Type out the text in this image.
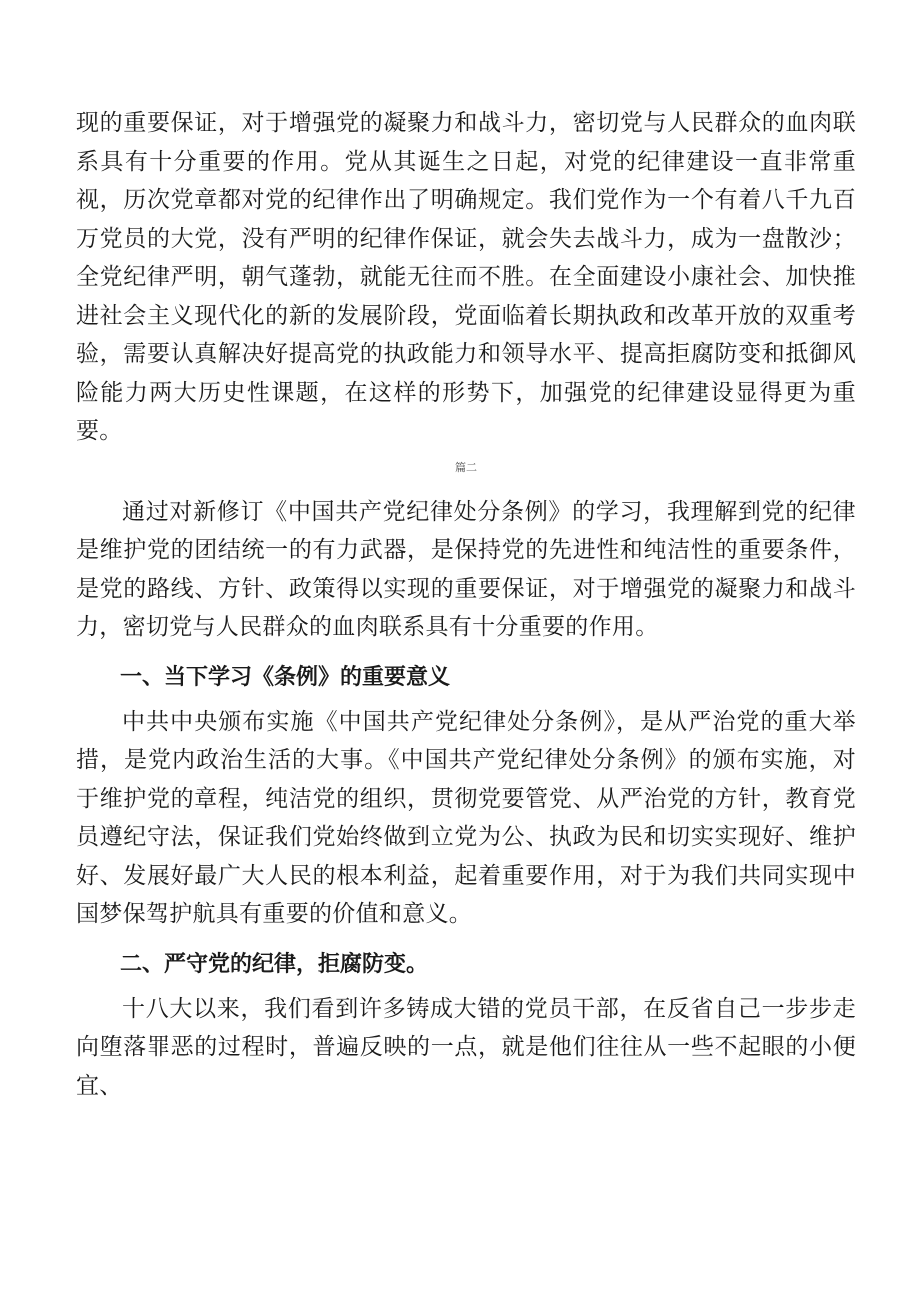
现的重要保证，对于增强党的凝聚力和战斗力，密切党与人民群众的血肉联系具有十分重要的作用。党从其诞生之日起，对党的纪律建设一直非常重视，历次党章都对党的纪律作出了明确规定。我们党作为一个有着八千九百万党员的大党，没有严明的纪律作保证，就会失去战斗力，成为一盘散沙；全党纪律严明，朝气蓬勃，就能无往而不胜。在全面建设小康社会、加快推进社会主义现代化的新的发展阶段，党面临着长期执政和改革开放的双重考验，需要认真解决好提高党的执政能力和领导水平、提高拒腐防变和抵御风险能力两大历史性课题，在这样的形势下，加强党的纪律建设显得更为重要。

篇二

通过对新修订《中国共产党纪律处分条例》的学习，我理解到党的纪律是维护党的团结统一的有力武器，是保持党的先进性和纯洁性的重要条件，是党的路线、方针、政策得以实现的重要保证，对于增强党的凝聚力和战斗力，密切党与人民群众的血肉联系具有十分重要的作用。

一、当下学习《条例》的重要意义

中共中央颁布实施《中国共产党纪律处分条例》，是从严治党的重大举措，是党内政治生活的大事。《中国共产党纪律处分条例》的颁布实施，对于维护党的章程，纯洁党的组织，贯彻党要管党、从严治党的方针，教育党员遵纪守法，保证我们党始终做到立党为公、执政为民和切实实现好、维护好、发展好最广大人民的根本利益，起着重要作用，对于为我们共同实现中国梦保驾护航具有重要的价值和意义。

二、严守党的纪律，拒腐防变。

十八大以来，我们看到许多铸成大错的党员干部，在反省自己一步步走向堕落罪恶的过程时，普遍反映的一点，就是他们往往从一些不起眼的小便宜、
